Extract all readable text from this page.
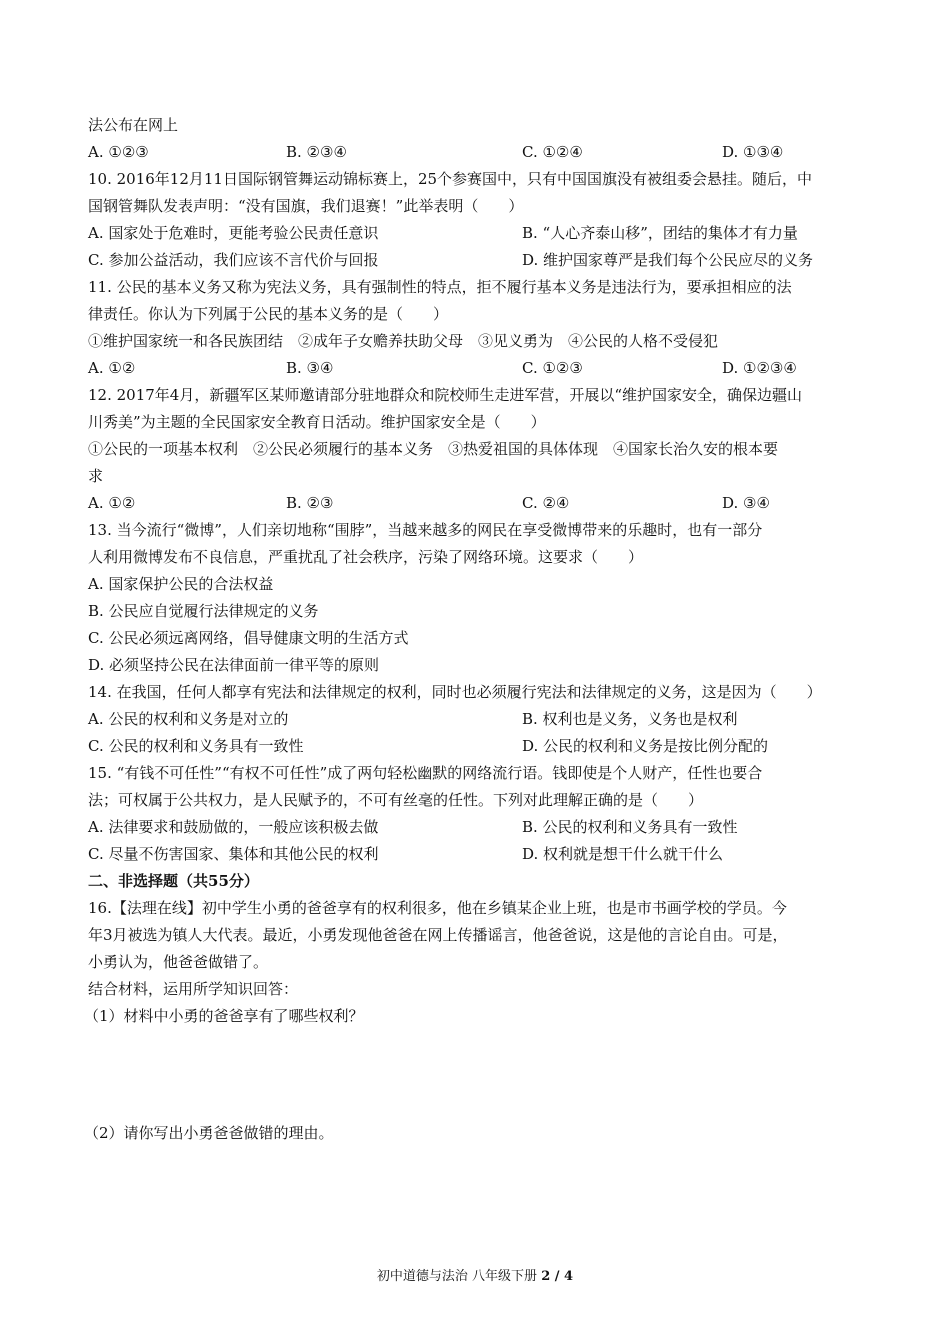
法公布在网上
A. ①②③	B. ②③④	C. ①②④	D. ①③④
10. 2016年12月11日国际钢管舞运动锦标赛上，25个参赛国中，只有中国国旗没有被组委会悬挂。随后，中
国钢管舞队发表声明：“没有国旗，我们退赛！”此举表明（　　）
A. 国家处于危难时，更能考验公民责任意识	B. “人心齐泰山移”，团结的集体才有力量
C. 参加公益活动，我们应该不言代价与回报	D. 维护国家尊严是我们每个公民应尽的义务
11. 公民的基本义务又称为宪法义务，具有强制性的特点，拒不履行基本义务是违法行为，要承担相应的法
律责任。你认为下列属于公民的基本义务的是（　　）
①维护国家统一和各民族团结　②成年子女赡养扶助父母　③见义勇为　④公民的人格不受侵犯
A. ①②	B. ③④	C. ①②③	D. ①②③④
12. 2017年4月，新疆军区某师邀请部分驻地群众和院校师生走进军营，开展以“维护国家安全，确保边疆山
川秀美”为主题的全民国家安全教育日活动。维护国家安全是（　　）
①公民的一项基本权利　②公民必须履行的基本义务　③热爱祖国的具体体现　④国家长治久安的根本要
求
A. ①②	B. ②③	C. ②④	D. ③④
13. 当今流行“微博”，人们亲切地称“围脖”，当越来越多的网民在享受微博带来的乐趣时，也有一部分
人利用微博发布不良信息，严重扰乱了社会秩序，污染了网络环境。这要求（　　）
A. 国家保护公民的合法权益
B. 公民应自觉履行法律规定的义务
C. 公民必须远离网络，倡导健康文明的生活方式
D. 必须坚持公民在法律面前一律平等的原则
14. 在我国，任何人都享有宪法和法律规定的权利，同时也必须履行宪法和法律规定的义务，这是因为（　　）
A. 公民的权利和义务是对立的	B. 权利也是义务，义务也是权利
C. 公民的权利和义务具有一致性	D. 公民的权利和义务是按比例分配的
15. “有钱不可任性”“有权不可任性”成了两句轻松幽默的网络流行语。钱即使是个人财产，任性也要合
法；可权属于公共权力，是人民赋予的，不可有丝毫的任性。下列对此理解正确的是（　　）
A. 法律要求和鼓励做的，一般应该积极去做	B. 公民的权利和义务具有一致性
C. 尽量不伤害国家、集体和其他公民的权利	D. 权利就是想干什么就干什么
二、非选择题（共55分）
16.【法理在线】初中学生小勇的爸爸享有的权利很多，他在乡镇某企业上班，也是市书画学校的学员。今
年3月被选为镇人大代表。最近，小勇发现他爸爸在网上传播谣言，他爸爸说，这是他的言论自由。可是，
小勇认为，他爸爸做错了。
结合材料，运用所学知识回答：
（1）材料中小勇的爸爸享有了哪些权利？
（2）请你写出小勇爸爸做错的理由。
初中道德与法治 八年级下册 2 / 4
